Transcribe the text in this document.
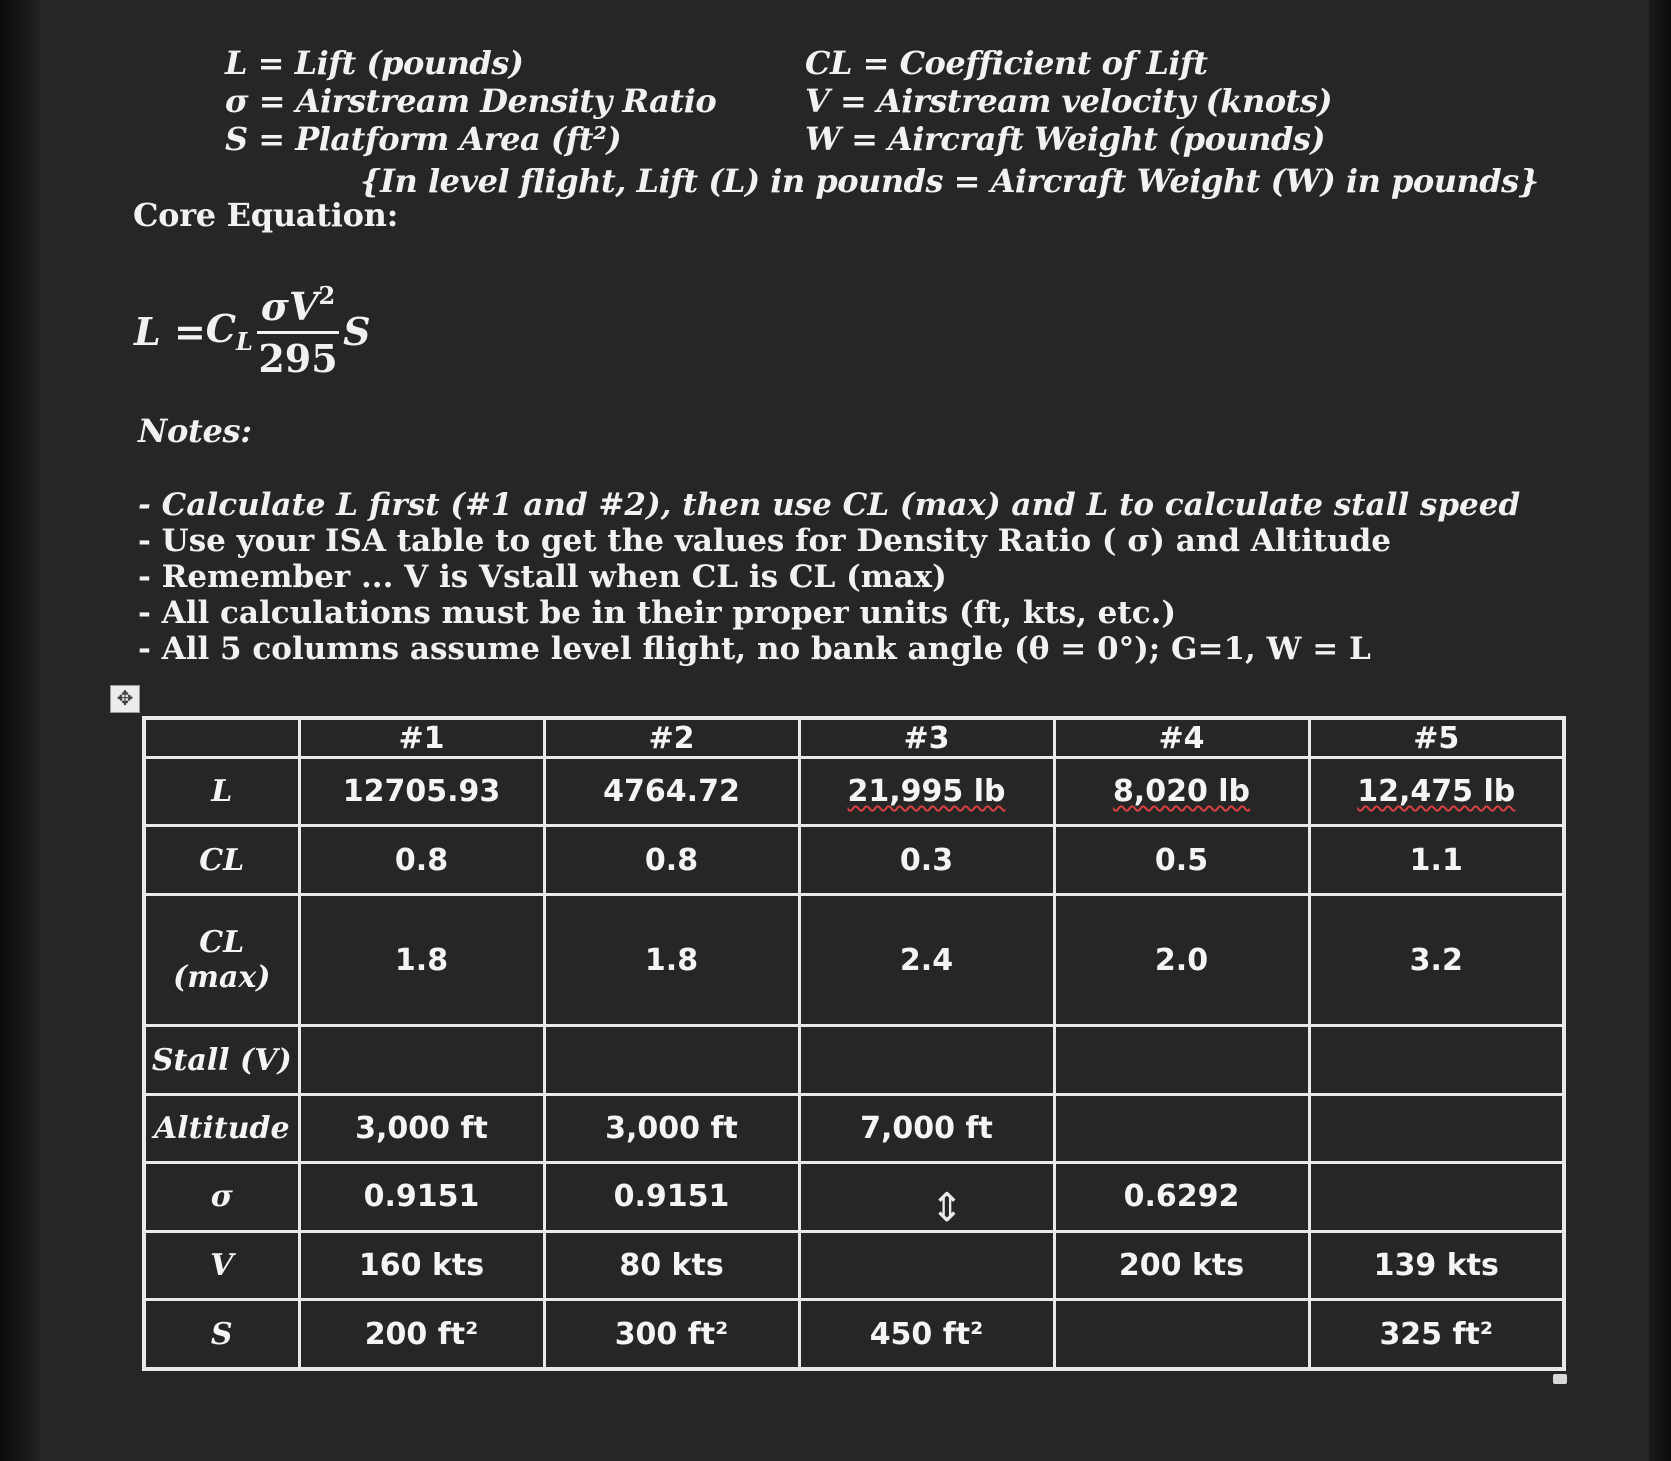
L = Lift (pounds)	CL = Coefficient of Lift
σ = Airstream Density Ratio	V = Airstream velocity (knots)
S = Platform Area (ft²)	W = Aircraft Weight (pounds)
{In level flight, Lift (L) in pounds = Aircraft Weight (W) in pounds}
Core Equation:
$L = C_L \frac{\sigma V^2}{295}$ S
Notes:
- Calculate L first (#1 and #2), then use CL (max) and L to calculate stall speed
- Use your ISA table to get the values for Density Ratio ( σ) and Altitude
- Remember ... V is Vstall when CL is CL (max)
- All calculations must be in their proper units (ft, kts, etc.)
- All 5 columns assume level flight, no bank angle (θ = 0°); G=1, W = L
✥
	#1	#2	#3	#4	#5
L	12705.93	4764.72	21,995 lb	8,020 lb	12,475 lb
CL	0.8	0.8	0.3	0.5	1.1
CL (max)	1.8	1.8	2.4	2.0	3.2
Stall (V)					
Altitude	3,000 ft	3,000 ft	7,000 ft		
σ	0.9151	0.9151		0.6292	
V	160 kts	80 kts		200 kts	139 kts
S	200 ft²	300 ft²	450 ft²		325 ft²
⇕
